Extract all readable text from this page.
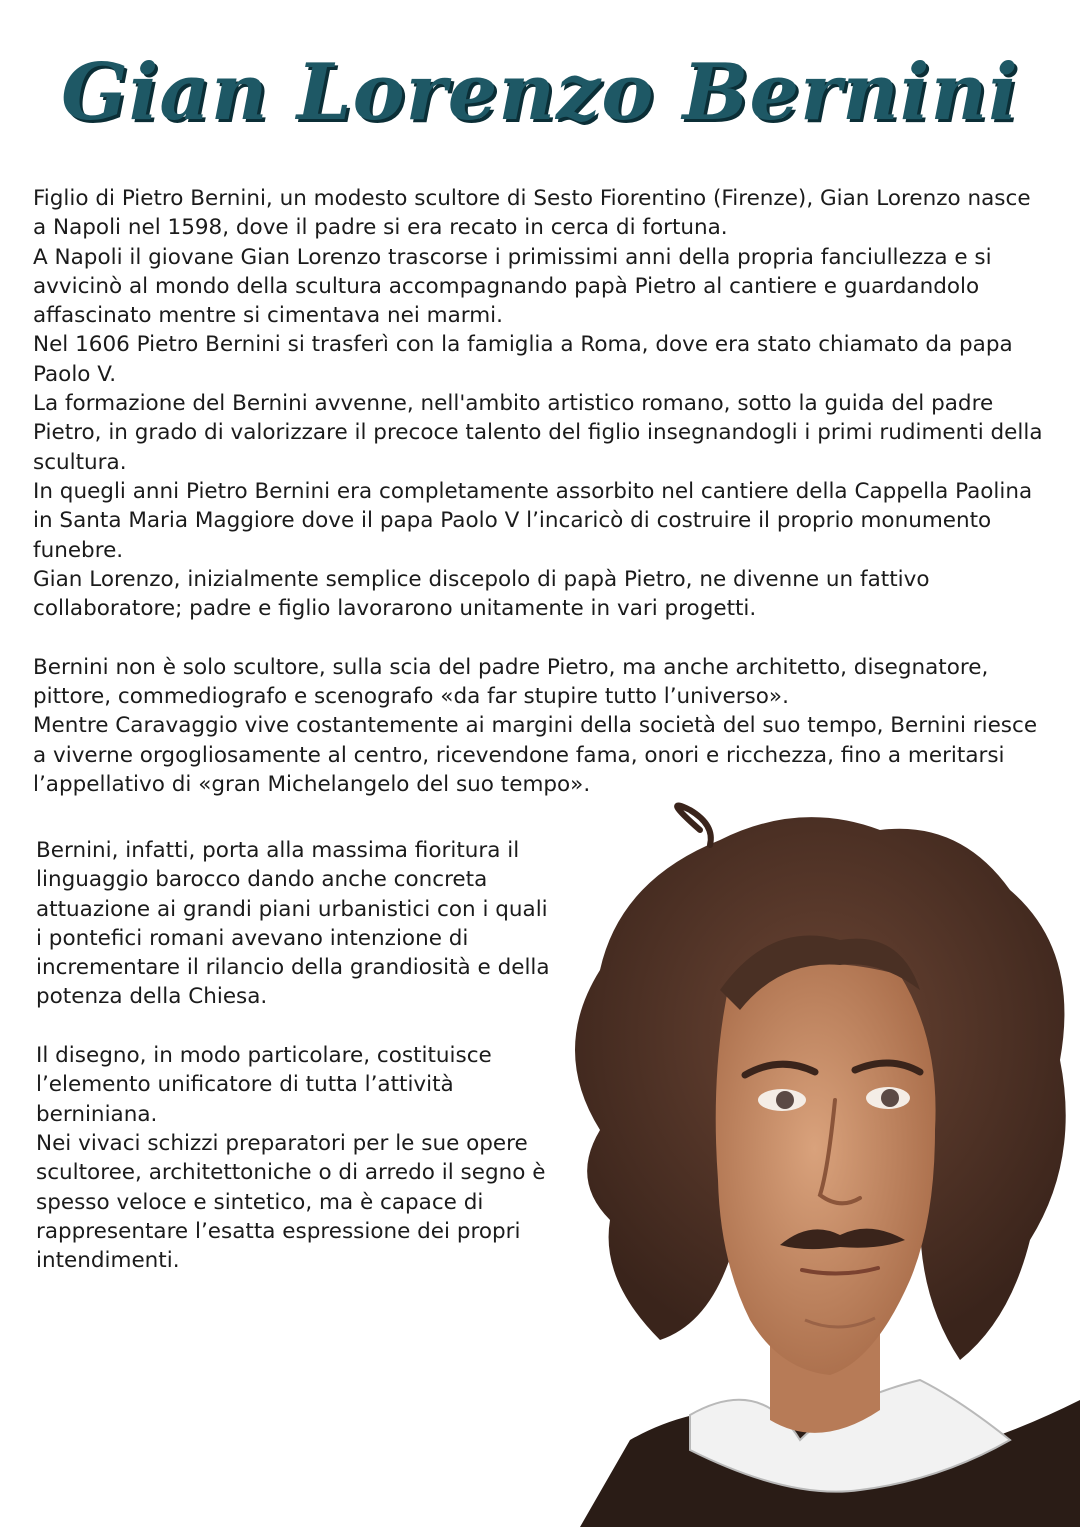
Gian Lorenzo Bernini

Figlio di Pietro Bernini, un modesto scultore di Sesto Fiorentino (Firenze), Gian Lorenzo nasce a Napoli nel 1598, dove il padre si era recato in cerca di fortuna.

A Napoli il giovane Gian Lorenzo trascorse i primissimi anni della propria fanciullezza e si avvicinò al mondo della scultura accompagnando papà Pietro al cantiere e guardandolo affascinato mentre si cimentava nei marmi.

Nel 1606 Pietro Bernini si trasferì con la famiglia a Roma, dove era stato chiamato da papa Paolo V.

La formazione del Bernini avvenne, nell'ambito artistico romano, sotto la guida del padre Pietro, in grado di valorizzare il precoce talento del figlio insegnandogli i primi rudimenti della scultura.

In quegli anni Pietro Bernini era completamente assorbito nel cantiere della Cappella Paolina in Santa Maria Maggiore dove il papa Paolo V l’incaricò di costruire il proprio monumento funebre.

Gian Lorenzo, inizialmente semplice discepolo di papà Pietro, ne divenne un fattivo collaboratore; padre e figlio lavorarono unitamente in vari progetti.

Bernini non è solo scultore, sulla scia del padre Pietro, ma anche architetto, disegnatore, pittore, commediografo e scenografo «da far stupire tutto l’universo».

Mentre Caravaggio vive costantemente ai margini della società del suo tempo, Bernini riesce a viverne orgogliosamente al centro, ricevendone fama, onori e ricchezza, fino a meritarsi l’appellativo di «gran Michelangelo del suo tempo».

Bernini, infatti, porta alla massima fioritura il linguaggio barocco dando anche concreta attuazione ai grandi piani urbanistici con i quali i pontefici romani avevano intenzione di incrementare il rilancio della grandiosità e della potenza della Chiesa.

Il disegno, in modo particolare, costituisce l’elemento unificatore di tutta l’attività berniniana.

Nei vivaci schizzi preparatori per le sue opere scultoree, architettoniche o di arredo il segno è spesso veloce e sintetico, ma è capace di rappresentare l’esatta espressione dei propri intendimenti.
